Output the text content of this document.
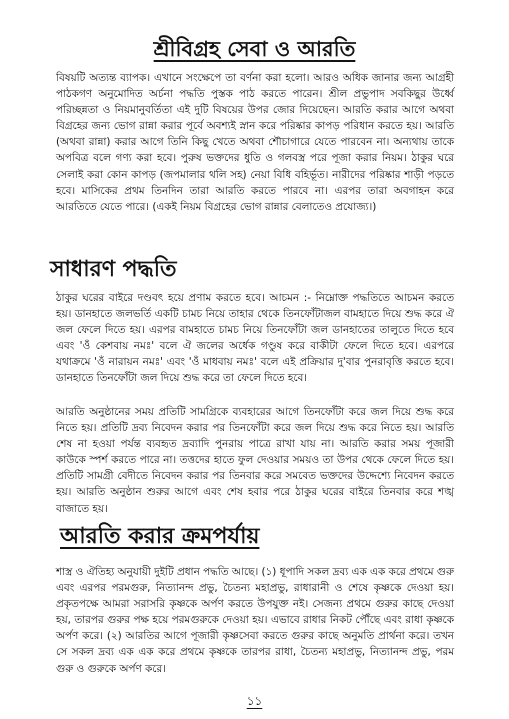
শ্রীবিগ্রহ সেবা ও আরতি

বিষয়টি অত্যন্ত ব্যাপক। এখানে সংক্ষেপে তা বর্ণনা করা হলো। আরও অধিক জানার জন্য আগ্রহী পাঠকগণ অনুমোদিত অর্চনা পদ্ধতি পুস্তক পাঠ করতে পারেন। শ্রীল প্রভুপাদ সবকিছুর উর্ধ্বে পরিচ্ছন্নতা ও নিয়মানুবর্তিতা এই দুটি বিষয়ের উপর জোর দিয়েছেন। আরতি করার আগে অথবা বিগ্রহের জন্য ভোগ রান্না করার পূর্বে অবশ্যই স্নান করে পরিষ্কার কাপড় পরিধান করতে হয়। আরতি (অথবা রান্না) করার আগে তিনি কিছু খেতে অথবা শৌচাগারে যেতে পারবেন না। অন্যথায় তাকে অপবিত্র বলে গণ্য করা হবে। পুরুষ ভক্তদের ধুতি ও গলবস্ত্র পরে পূজা করার নিয়ম। ঠাকুর ঘরে সেলাই করা কোন কাপড় (জপমালার থলি সহ) নেয়া বিধি বহির্ভূত। নারীদের পরিষ্কার শাড়ী পড়তে হবে। মাসিকের প্রথম তিনদিন তারা আরতি করতে পারবে না। এরপর তারা অবগাহন করে আরতিতে যেতে পারে। (একই নিয়ম বিগ্রহের ভোগ রান্নার বেলাতেও প্রযোজ্য।)

সাধারণ পদ্ধতি

ঠাকুর ঘরের বাইরে দণ্ডবৎ হয়ে প্রণাম করতে হবে। আচমন :- নিম্নোক্ত পদ্ধতিতে আচমন করতে হয়। ডানহাতে জলভর্তি একটি চামচ নিয়ে তাহার থেকে তিনফোঁটাজল বামহাতে দিয়ে শুদ্ধ করে ঐ জল ফেলে দিতে হয়। এরপর বামহাতে চামচ নিয়ে তিনফোঁটা জল ডানহাতের তালুতে দিতে হবে এবং 'ওঁ কেশবায় নমঃ' বলে ঐ জলের অর্ধেক গণ্ডুষ করে বাকীটা ফেলে দিতে হবে। এরপরে যথাক্রমে 'ওঁ নারায়ন নমঃ' এবং 'ওঁ মাধবায় নমঃ' বলে এই প্রক্রিয়ার দু'বার পুনরাবৃত্তি করতে হবে। ডানহাতে তিনফোঁটা জল দিয়ে শুদ্ধ করে তা ফেলে দিতে হবে।

আরতি অনুষ্ঠানের সময় প্রতিটি সামগ্রিকে ব্যবহারের আগে তিনফোঁটা করে জল দিয়ে শুদ্ধ করে নিতে হয়। প্রতিটি দ্রব্য নিবেদন করার পর তিনফোঁটা করে জল দিয়ে শুদ্ধ করে নিতে হয়। আরতি শেষ না হওয়া পর্যন্ত ব্যবহৃত দ্রব্যাদি পুনরায় পাত্রে রাখা যায় না। আরতি করার সময় পূজারী কাউকে স্পর্শ করতে পারে না। তত্তদের হাতে ফুল দেওয়ার সময়ও তা উপর থেকে ফেলে দিতে হয়। প্রতিটি সামগ্রী বেদীতে নিবেদন করার পর তিনবার করে সমবেত ভক্তদের উদ্দেশ্যে নিবেদন করতে হয়। আরতি অনুষ্ঠান শুরুর আগে এবং শেষ হবার পরে ঠাকুর ঘরের বাইরে তিনবার করে শঙ্খ বাজাতে হয়।

আরতি করার ক্রমপর্যায়

শাস্ত্র ও ঐতিহ্য অনুযায়ী দুইটি প্রধান পদ্ধতি আছে। (১) ধূপাদি সকল দ্রব্য এক এক করে প্রথমে গুরু এবং এরপর পরমগুরু, নিত্যানন্দ প্রভু, চৈতন্য মহাপ্রভু, রাধারানী ও শেষে কৃষ্ণকে দেওয়া হয়। প্রকৃতপক্ষে আমরা সরাসরি কৃষ্ণকে অর্পণ করতে উপযুক্ত নই। সেজন্য প্রথমে গুরুর কাছে দেওয়া হয়, তারপর গুরুর পক্ষ হয়ে পরমগুরুকে দেওয়া হয়। এভাবে রাধার নিকট পৌঁছে এবং রাধা কৃষ্ণকে অর্পণ করে। (২) আরতির আগে পূজারী কৃষ্ণসেবা করতে গুরুর কাছে অনুমতি প্রার্থনা করে। তখন সে সকল দ্রব্য এক এক করে প্রথমে কৃষ্ণকে তারপর রাধা, চৈতন্য মহাপ্রভু, নিত্যানন্দ প্রভু, পরম গুরু ও গুরুকে অর্পণ করে।

১১
